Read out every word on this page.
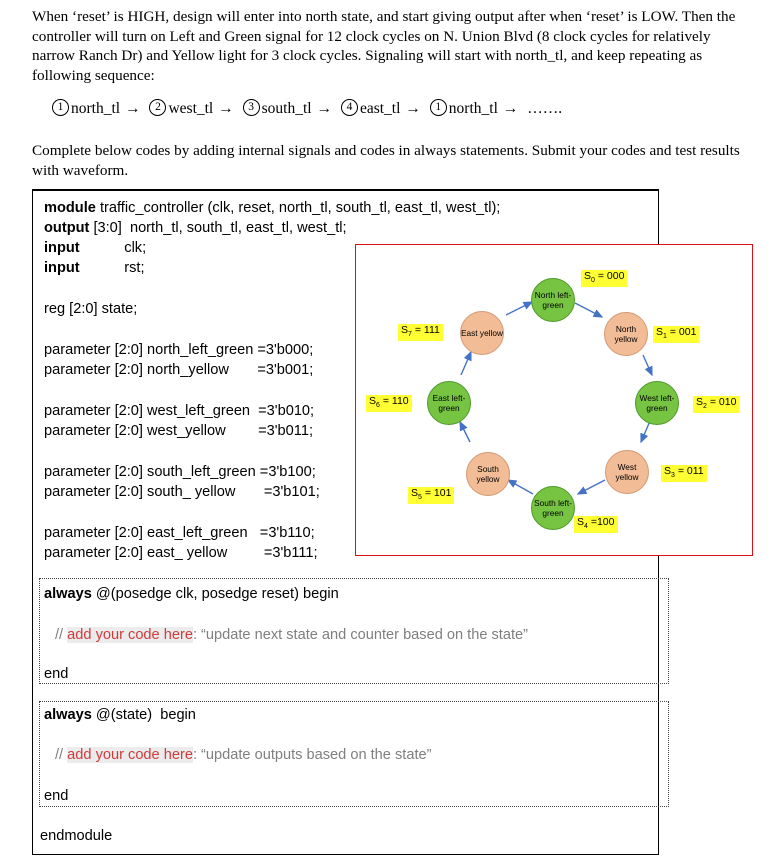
When ‘reset’ is HIGH, design will enter into north state, and start giving output after when ‘reset’ is LOW. Then the controller will turn on Left and Green signal for 12 clock cycles on N. Union Blvd (8 clock cycles for relatively narrow Ranch Dr) and Yellow light for 3 clock cycles. Signaling will start with north_tl, and keep repeating as following sequence:
1 north_tl → 2 west_tl → 3 south_tl → 4 east_tl → 1 north_tl → …….
Complete below codes by adding internal signals and codes in always statements. Submit your codes and test results with waveform.
module traffic_controller (clk, reset, north_tl, south_tl, east_tl, west_tl);
output [3:0]  north_tl, south_tl, east_tl, west_tl;
input           clk;
input           rst;
reg [2:0] state;
parameter [2:0] north_left_green =3'b000;
parameter [2:0] north_yellow       =3'b001;
parameter [2:0] west_left_green  =3'b010;
parameter [2:0] west_yellow        =3'b011;
parameter [2:0] south_left_green =3'b100;
parameter [2:0] south_ yellow       =3'b101;
parameter [2:0] east_left_green   =3'b110;
parameter [2:0] east_ yellow         =3'b111;
always @(posedge clk, posedge reset) begin
// add your code here: “update next state and counter based on the state”
end
always @(state)  begin
// add your code here: “update outputs based on the state”
end
endmodule
North left-green
North yellow
West left-green
West yellow
South left-green
South yellow
East left-green
East yellow
$S_0 = 000$
$S_1 = 001$
$S_2 = 010$
$S_3 = 011$
$S_4 =100$
$S_5 = 101$
$S_6 = 110$
$S_7 = 111$
